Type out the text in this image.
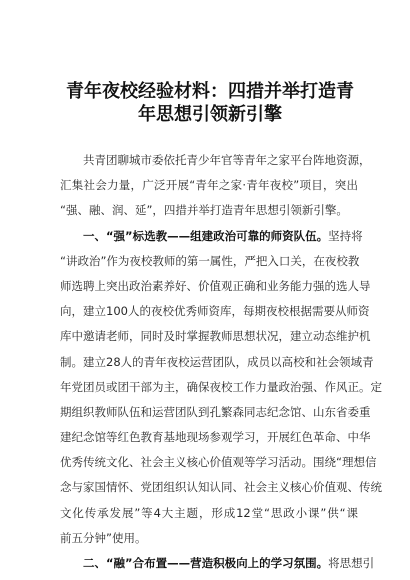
青年夜校经验材料：四措并举打造青
年思想引领新引擎
　　共青团聊城市委依托青少年官等青年之家平台阵地资源，
汇集社会力量，广泛开展“青年之家·青年夜校”项目，突出
“强、融、润、延”，四措并举打造青年思想引领新引擎。
　　一、“强”标选教——组建政治可靠的师资队伍。坚持将
“讲政治”作为夜校教师的第一属性，严把入口关，在夜校教
师选聘上突出政治素养好、价值观正确和业务能力强的选人导
向，建立100人的夜校优秀师资库，每期夜校根据需要从师资
库中邀请老师，同时及时掌握教师思想状况，建立动态维护机
制。建立28人的青年夜校运营团队，成员以高校和社会领域青
年党团员或团干部为主，确保夜校工作力量政治强、作风正。定
期组织教师队伍和运营团队到孔繁森同志纪念馆、山东省委重
建纪念馆等红色教育基地现场参观学习，开展红色革命、中华
优秀传统文化、社会主义核心价值观等学习活动。围绕“理想信
念与家国情怀、党团组织认知认同、社会主义核心价值观、传统
文化传承发展”等4大主题，形成12堂“思政小课”供“课
前五分钟”使用。
　　二、“融”合布置——营造积极向上的学习氛围。将思想引
